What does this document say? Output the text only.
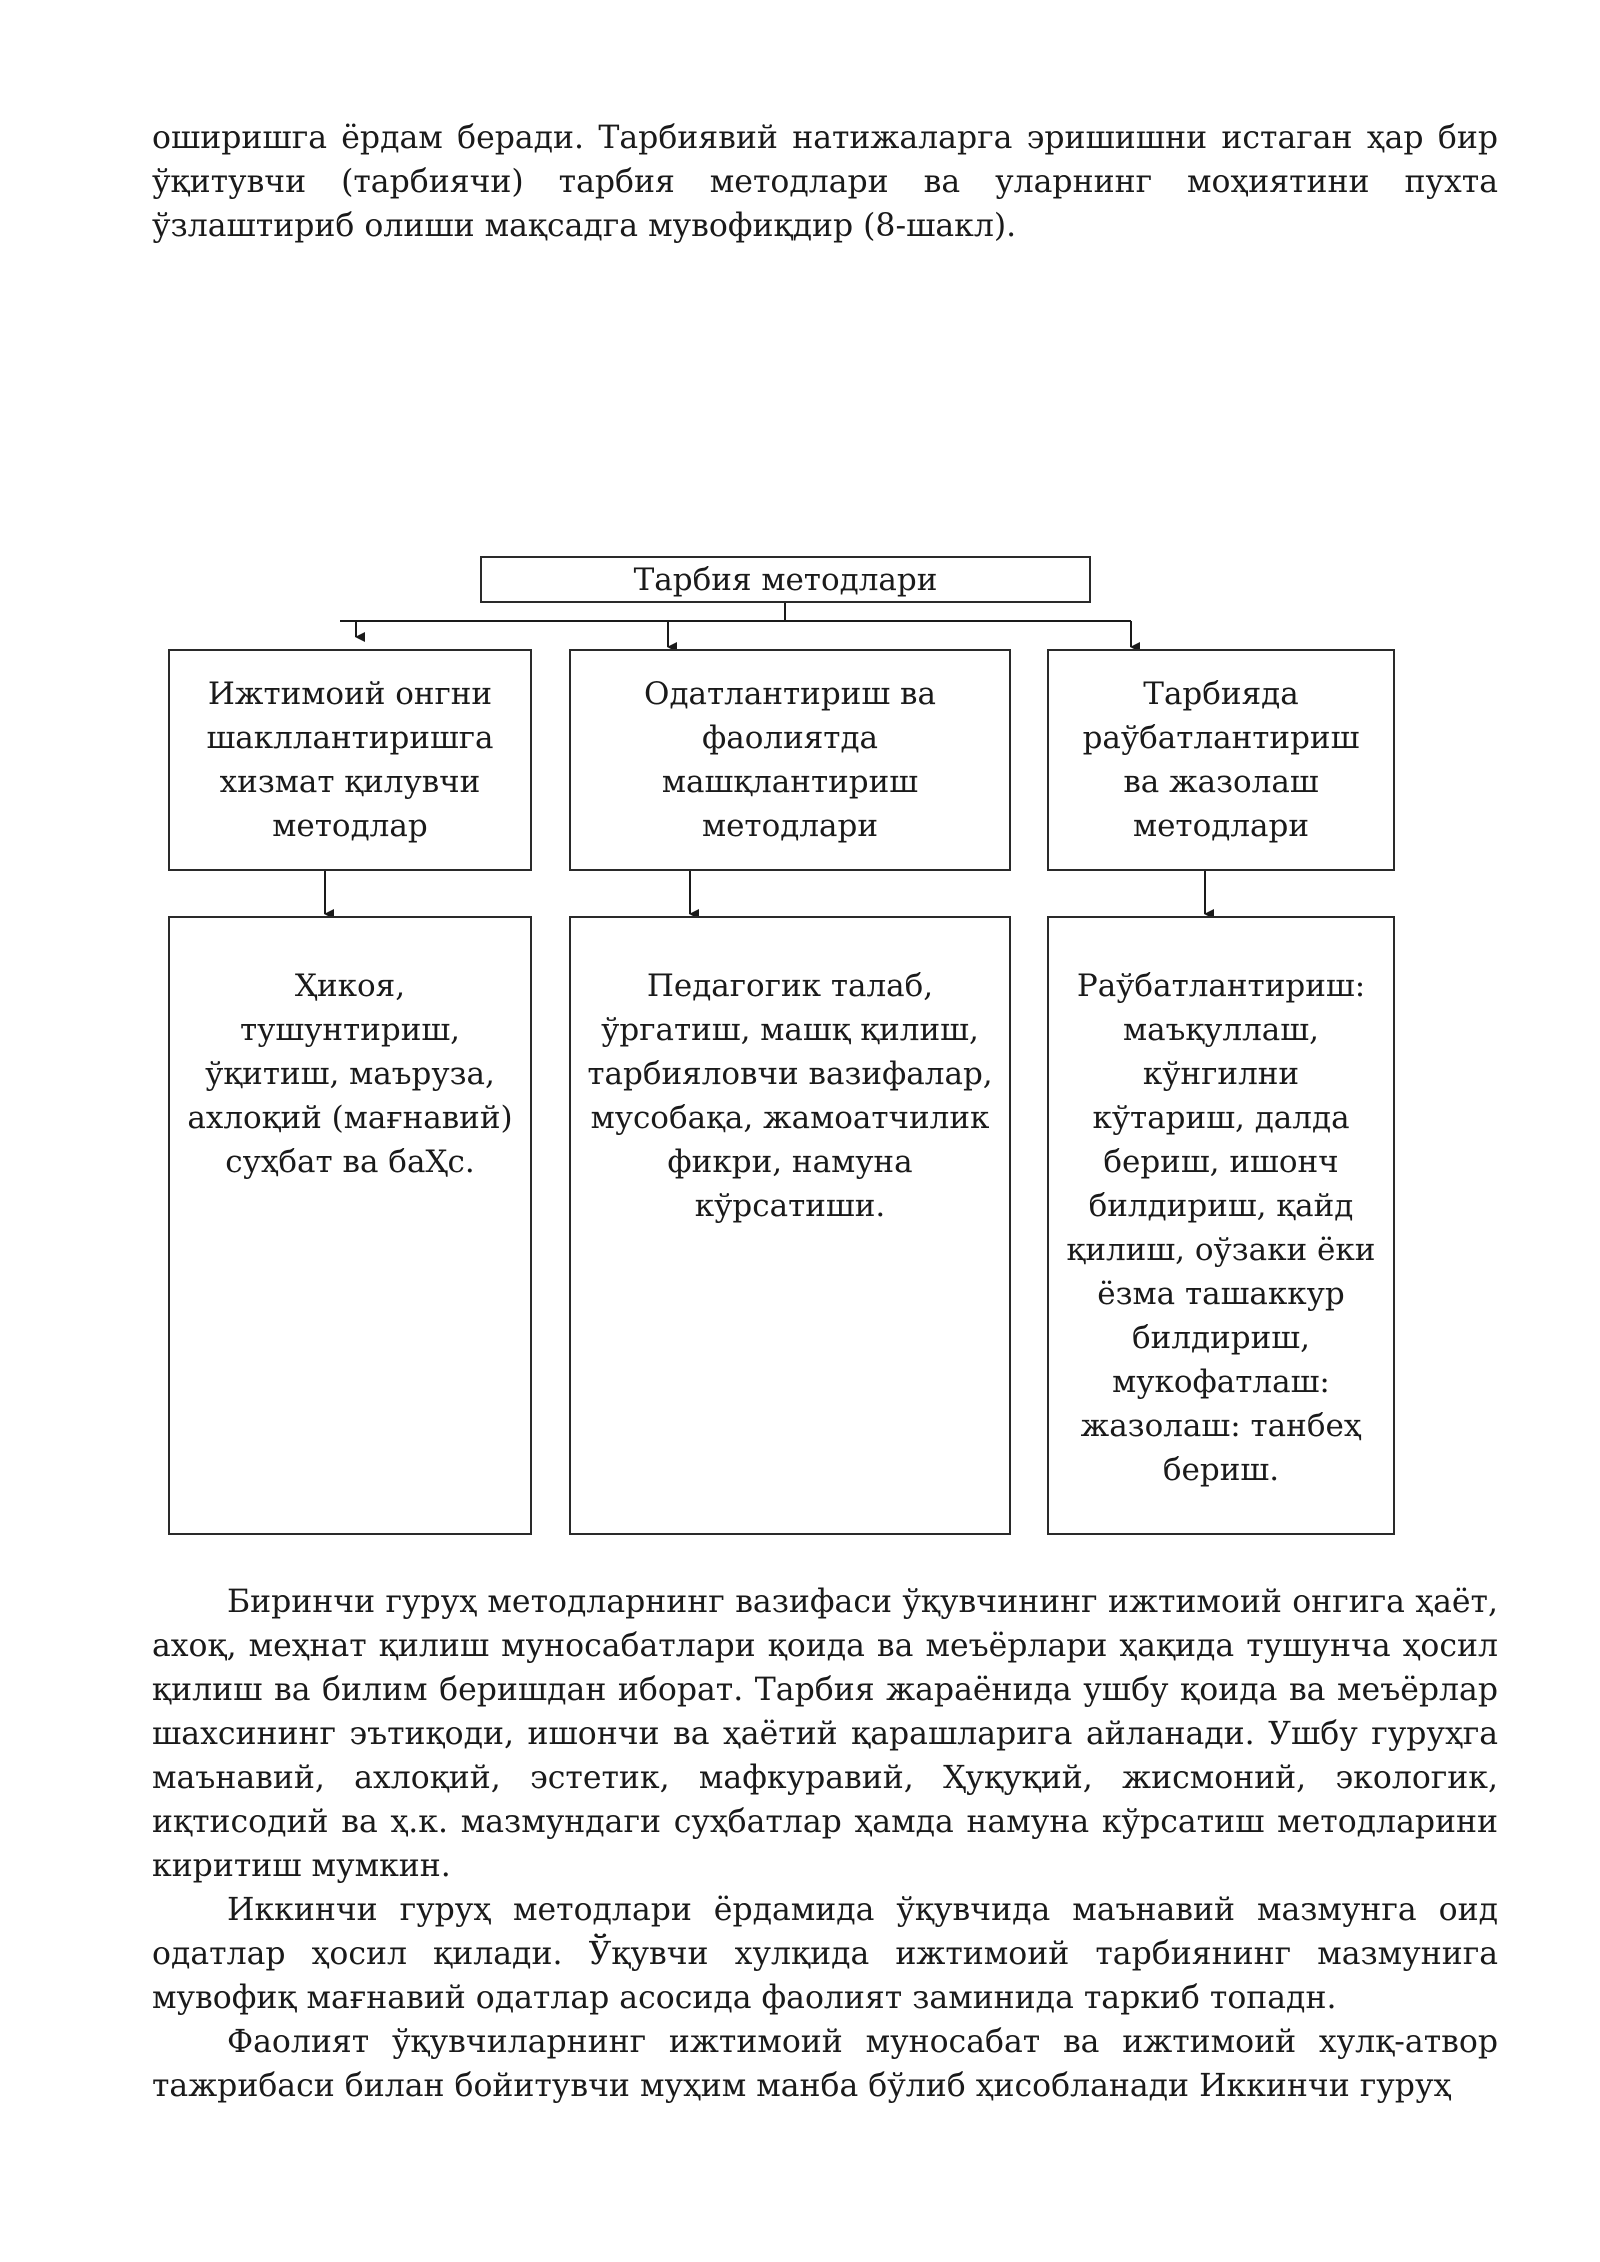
оширишга ёрдам беради. Тарбиявий натижаларга эришишни истаган ҳар бир ўқитувчи (тарбиячи) тарбия методлари ва уларнинг моҳиятини пухта ўзлаштириб олиши мақсадга мувофиқдир (8-шакл).

Тарбия методлари
Ижтимоий онгни шакллантиришга хизмат қилувчи методлар
Одатлантириш ва фаолиятда машқлантириш методлари
Тарбияда раўбатлантириш ва жазолаш методлари
Ҳикоя, тушунтириш, ўқитиш, маъруза, ахлоқий (мағнавий) суҳбат ва баҲс.
Педагогик талаб, ўргатиш, машқ қилиш, тарбияловчи вазифалар, мусобақа, жамоатчилик фикри, намуна кўрсатиши.
Раўбатлантириш: маъқуллаш, кўнгилни кўтариш, далда бериш, ишонч билдириш, қайд қилиш, оўзаки ёки ёзма ташаккур билдириш, мукофатлаш: жазолаш: танбеҳ бериш.

Биринчи гуруҳ методларнинг вазифаси ўқувчининг ижтимоий онгига ҳаёт, ахоқ, меҳнат қилиш муносабатлари қоида ва меъёрлари ҳақида тушунча ҳосил қилиш ва билим беришдан иборат. Тарбия жараёнида ушбу қоида ва меъёрлар шахсининг эътиқоди, ишончи ва ҳаётий қарашларига айланади. Ушбу гуруҳга маънавий, ахлоқий, эстетик, мафкуравий, Ҳуқуқий, жисмоний, экологик, иқтисодий ва ҳ.к. мазмундаги суҳбатлар ҳамда намуна кўрсатиш методларини киритиш мумкин.

Иккинчи гуруҳ методлари ёрдамида ўқувчида маънавий мазмунга оид одатлар ҳосил қилади. Ўқувчи хулқида ижтимоий тарбиянинг мазмунига мувофиқ мағнавий одатлар асосида фаолият заминида таркиб топадн.

Фаолият ўқувчиларнинг ижтимоий муносабат ва ижтимоий хулқ-атвор тажрибаси билан бойитувчи муҳим манба бўлиб ҳисобланади Иккинчи гуруҳ
